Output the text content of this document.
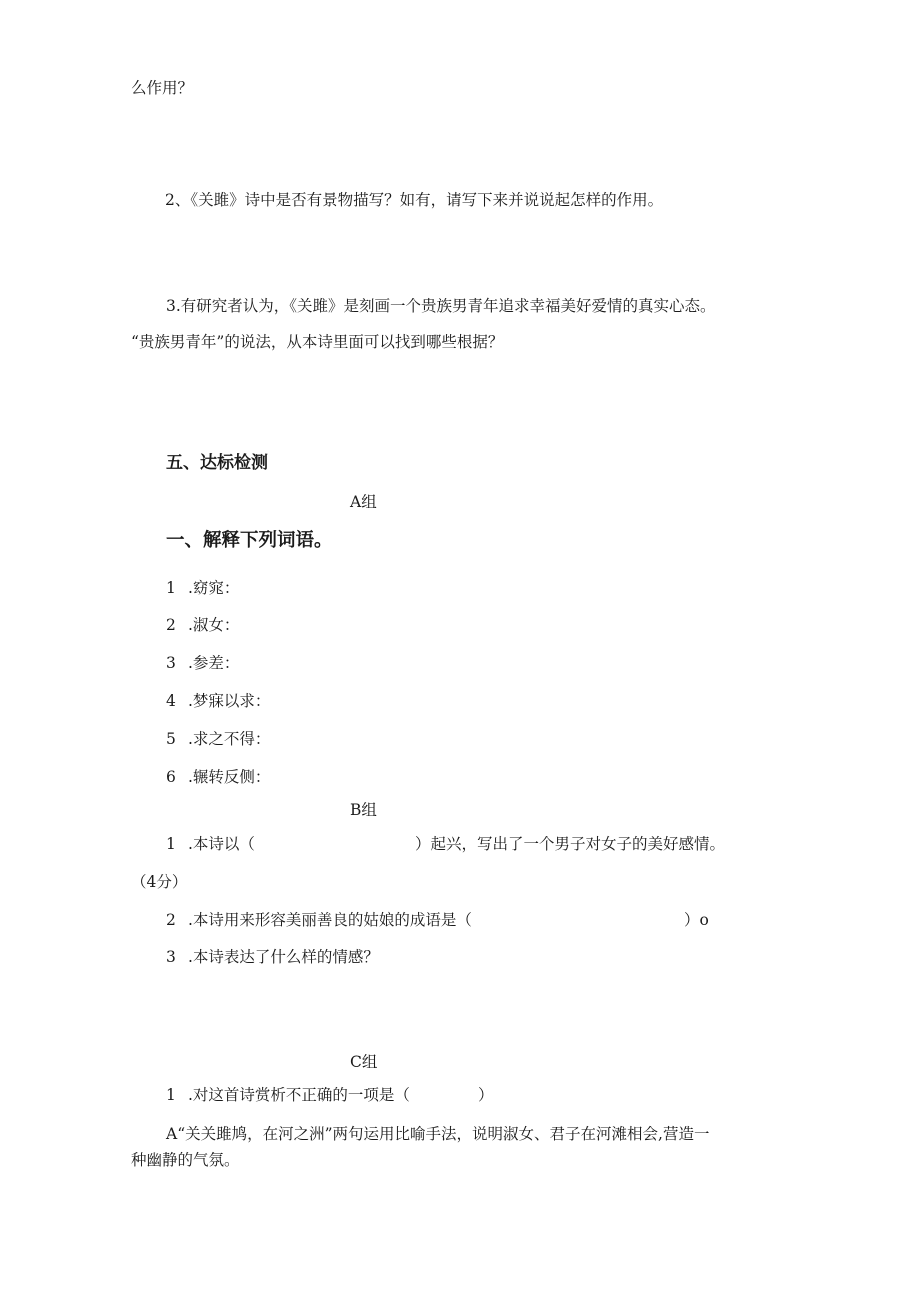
么作用？
2、《关雎》诗中是否有景物描写？如有，请写下来并说说起怎样的作用。
3.有研究者认为，《关雎》是刻画一个贵族男青年追求幸福美好爱情的真实心态。
“贵族男青年”的说法，从本诗里面可以找到哪些根据？
五、达标检测
A组
一、解释下列词语。
1 .窈窕：
2 .淑女：
3 .参差：
4 .梦寐以求：
5 .求之不得：
6 .辗转反侧：
B组
1 .本诗以（	）起兴，写出了一个男子对女子的美好感情。
（4分）
2 .本诗用来形容美丽善良的姑娘的成语是（	）o
3 .本诗表达了什么样的情感？
C组
1 .对这首诗赏析不正确的一项是（	）
A“关关雎鸠，在河之洲”两句运用比喻手法，说明淑女、君子在河滩相会,营造一
种幽静的气氛。
